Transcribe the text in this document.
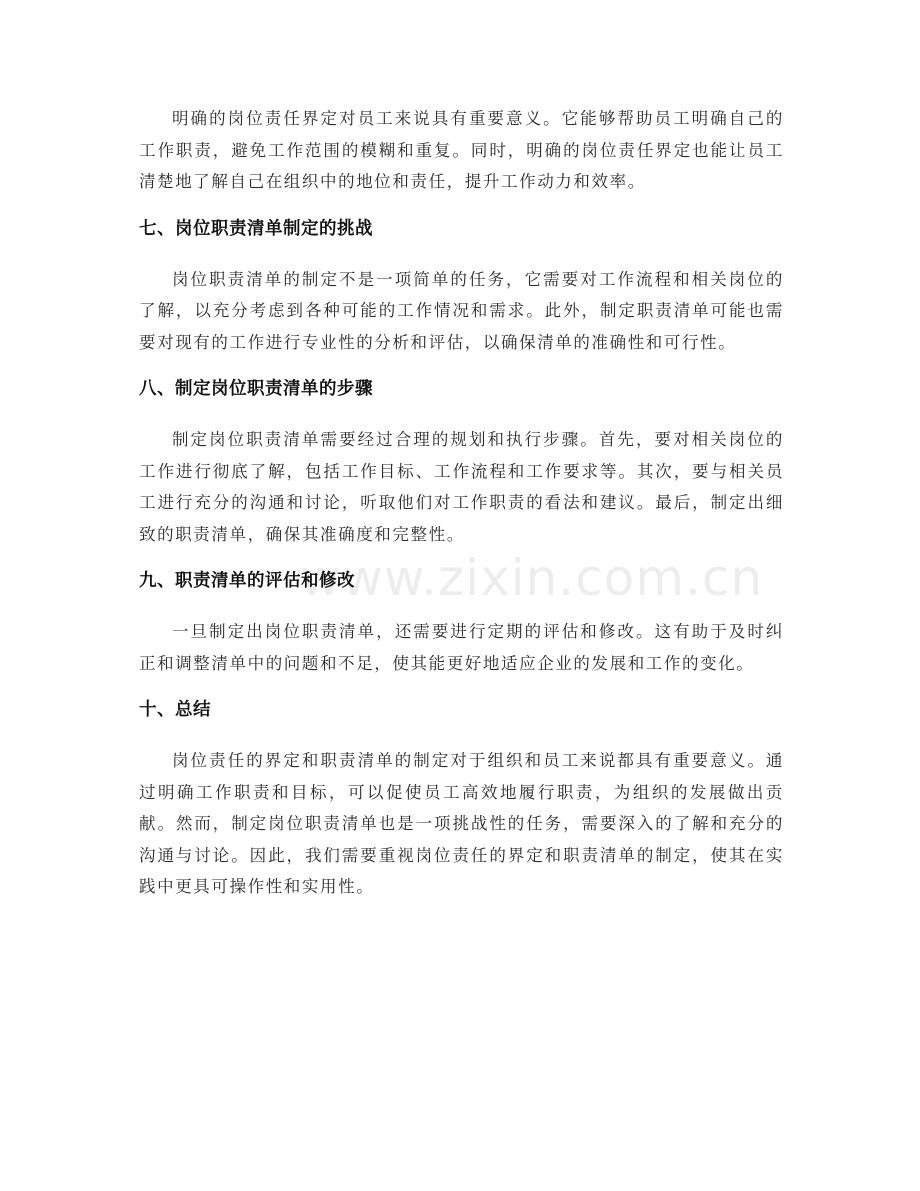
明确的岗位责任界定对员工来说具有重要意义。它能够帮助员工明确自己的工作职责，避免工作范围的模糊和重复。同时，明确的岗位责任界定也能让员工清楚地了解自己在组织中的地位和责任，提升工作动力和效率。

七、岗位职责清单制定的挑战

岗位职责清单的制定不是一项简单的任务，它需要对工作流程和相关岗位的了解，以充分考虑到各种可能的工作情况和需求。此外，制定职责清单可能也需要对现有的工作进行专业性的分析和评估，以确保清单的准确性和可行性。

八、制定岗位职责清单的步骤

制定岗位职责清单需要经过合理的规划和执行步骤。首先，要对相关岗位的工作进行彻底了解，包括工作目标、工作流程和工作要求等。其次，要与相关员工进行充分的沟通和讨论，听取他们对工作职责的看法和建议。最后，制定出细致的职责清单，确保其准确度和完整性。

九、职责清单的评估和修改

一旦制定出岗位职责清单，还需要进行定期的评估和修改。这有助于及时纠正和调整清单中的问题和不足，使其能更好地适应企业的发展和工作的变化。

十、总结

岗位责任的界定和职责清单的制定对于组织和员工来说都具有重要意义。通过明确工作职责和目标，可以促使员工高效地履行职责，为组织的发展做出贡献。然而，制定岗位职责清单也是一项挑战性的任务，需要深入的了解和充分的沟通与讨论。因此，我们需要重视岗位责任的界定和职责清单的制定，使其在实践中更具可操作性和实用性。

www.zixin.com.cn
